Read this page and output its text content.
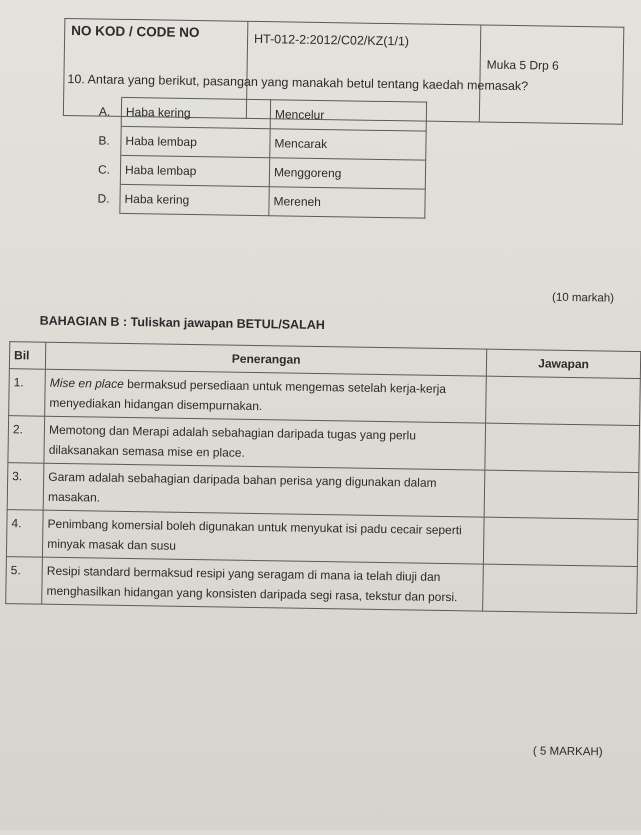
NO KOD / CODE NO	HT-012-2:2012/C02/KZ(1/1)	Muka 5 Drp 6
10. Antara yang berikut, pasangan yang manakah betul tentang kaedah memasak?
A.	Haba kering	Mencelur
B.	Haba lembap	Mencarak
C.	Haba lembap	Menggoreng
D.	Haba kering	Mereneh
(10 markah)
BAHAGIAN B : Tuliskan jawapan BETUL/SALAH
Bil	Penerangan	Jawapan
1.	Mise en place bermaksud persediaan untuk mengemas setelah kerja-kerja menyediakan hidangan disempurnakan.	
2.	Memotong dan Merapi adalah sebahagian daripada tugas yang perlu dilaksanakan semasa mise en place.	
3.	Garam adalah sebahagian daripada bahan perisa yang digunakan dalam masakan.	
4.	Penimbang komersial boleh digunakan untuk menyukat isi padu cecair seperti minyak masak dan susu	
5.	Resipi standard bermaksud resipi yang seragam di mana ia telah diuji dan menghasilkan hidangan yang konsisten daripada segi rasa, tekstur dan porsi.	
( 5 MARKAH)
